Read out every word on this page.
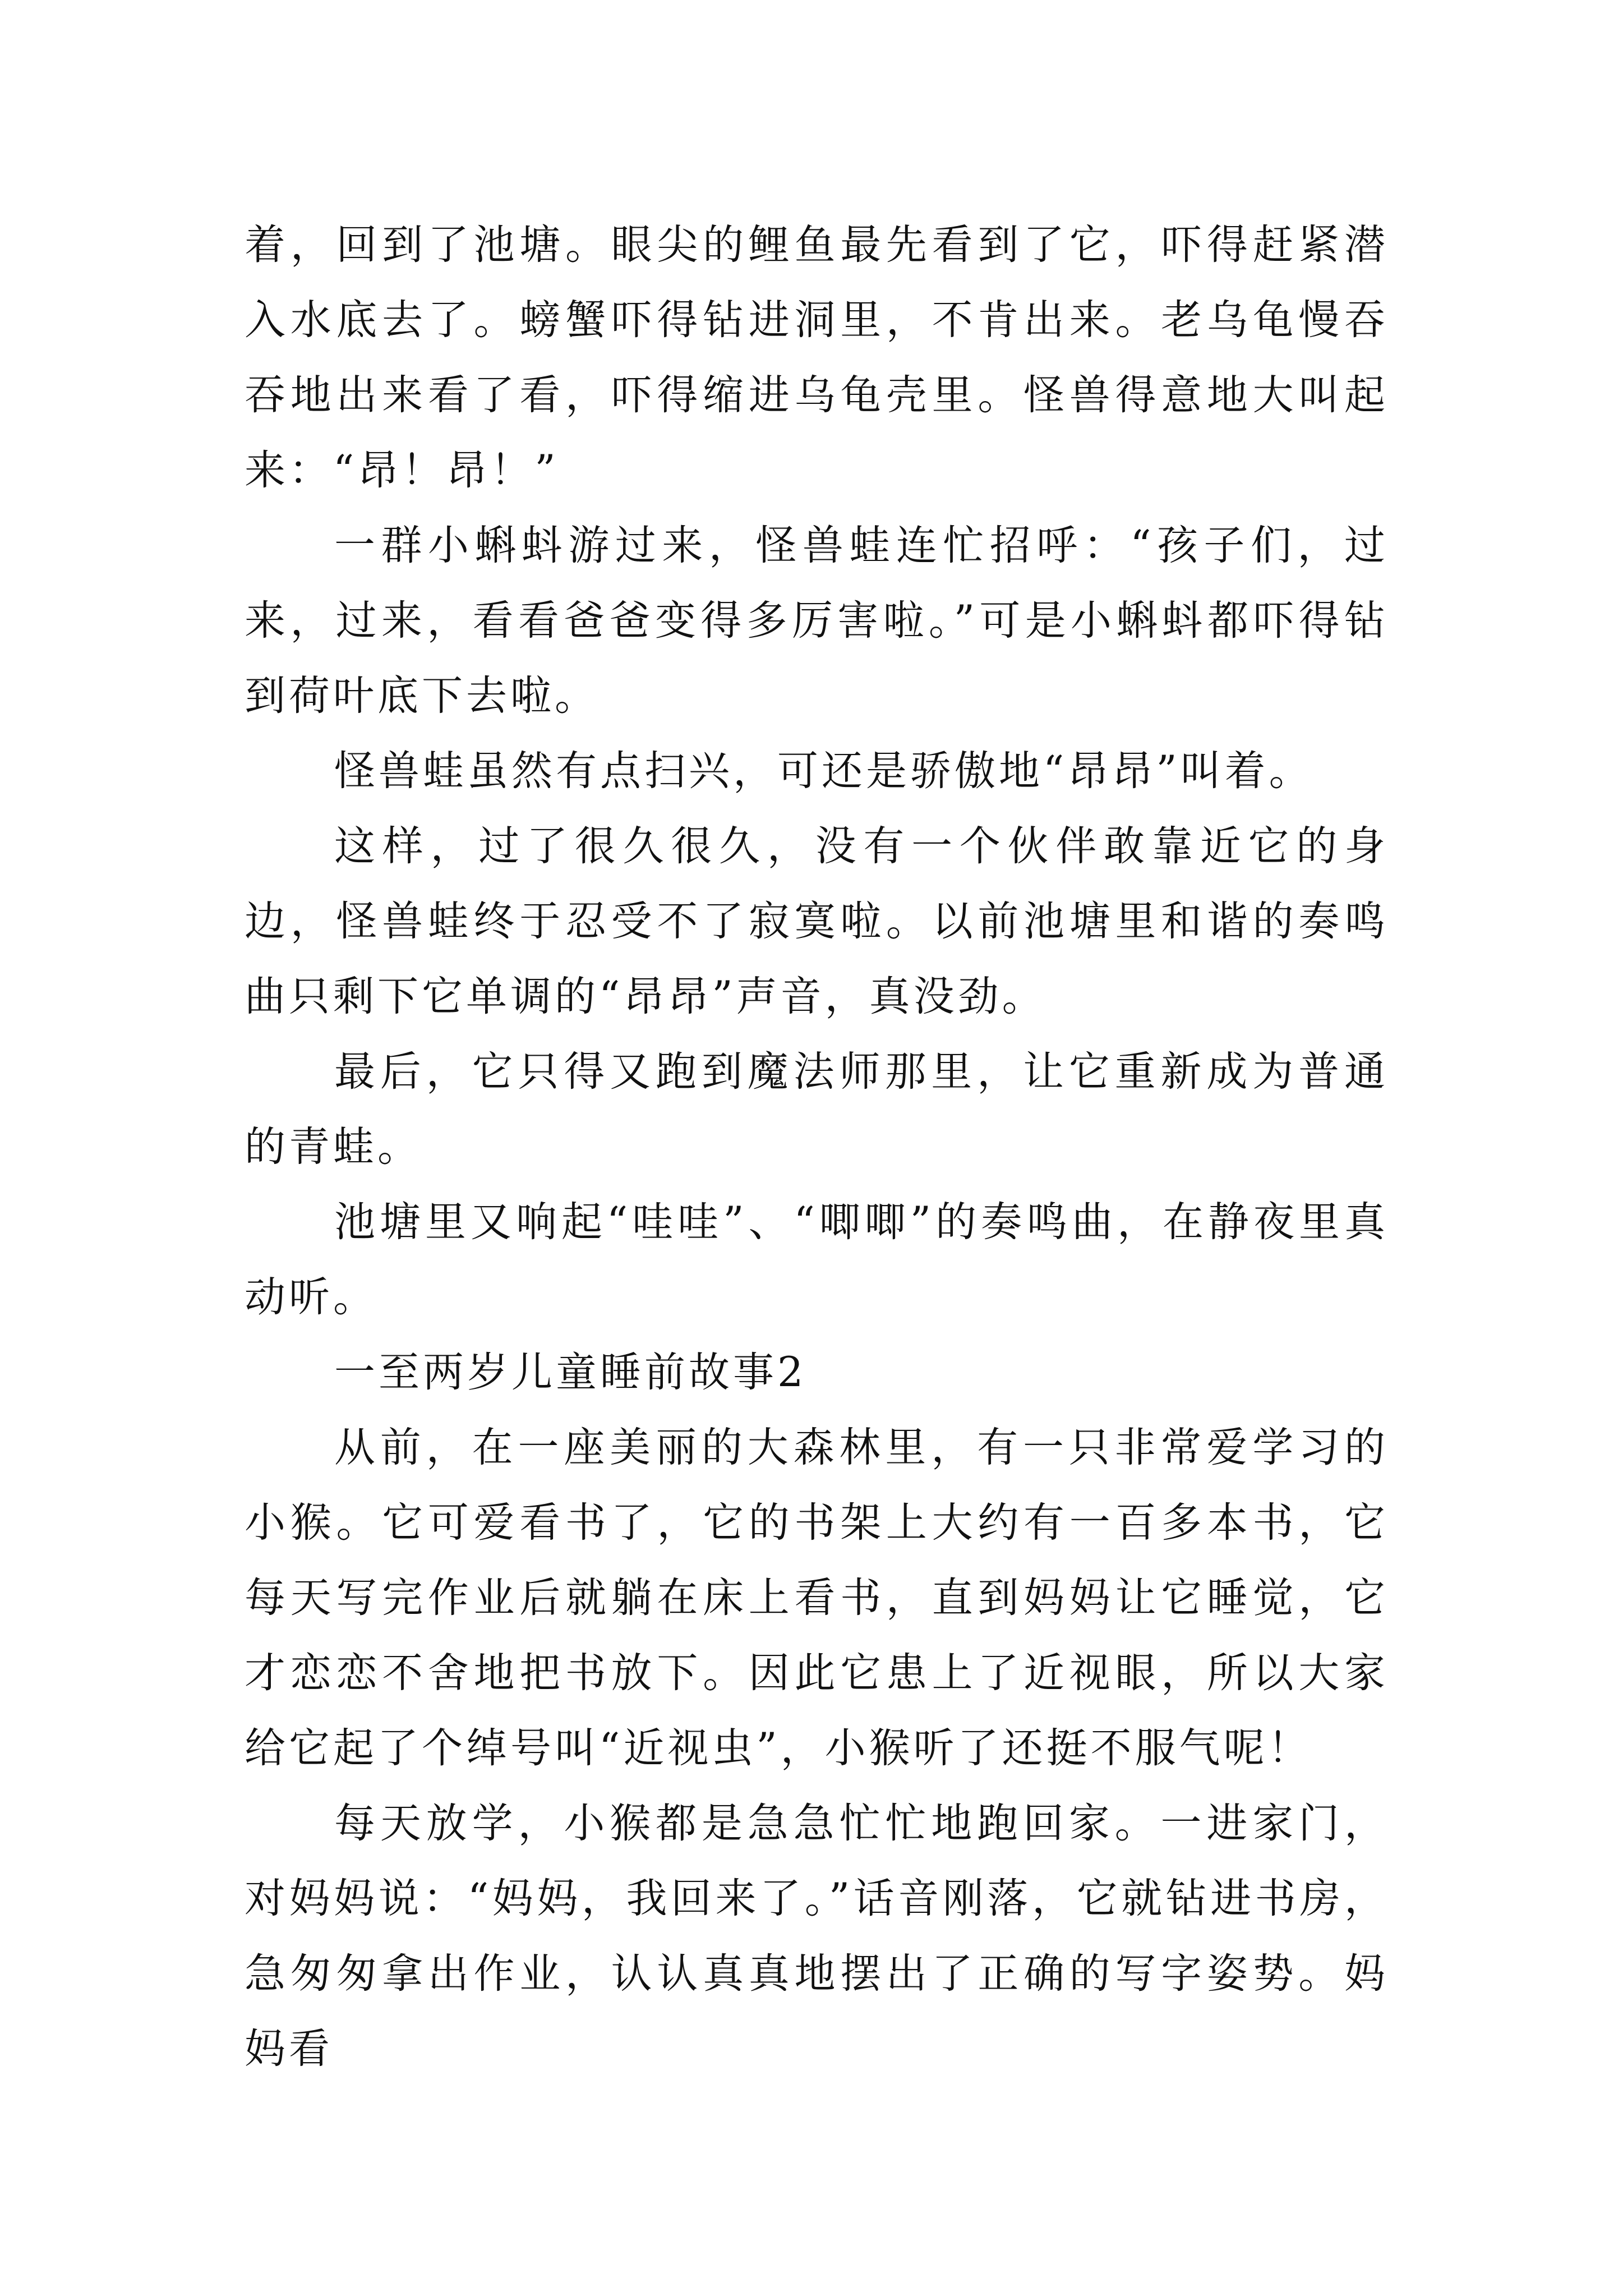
着，回到了池塘。眼尖的鲤鱼最先看到了它，吓得赶紧潜入水底去了。螃蟹吓得钻进洞里，不肯出来。老乌龟慢吞吞地出来看了看，吓得缩进乌龟壳里。怪兽得意地大叫起来：“昂！昂！”

一群小蝌蚪游过来，怪兽蛙连忙招呼：“孩子们，过来，过来，看看爸爸变得多厉害啦。”可是小蝌蚪都吓得钻到荷叶底下去啦。

怪兽蛙虽然有点扫兴，可还是骄傲地“昂昂”叫着。

这样，过了很久很久，没有一个伙伴敢靠近它的身边，怪兽蛙终于忍受不了寂寞啦。以前池塘里和谐的奏鸣曲只剩下它单调的“昂昂”声音，真没劲。

最后，它只得又跑到魔法师那里，让它重新成为普通的青蛙。

池塘里又响起“哇哇”、“唧唧”的奏鸣曲，在静夜里真动听。

一至两岁儿童睡前故事2

从前，在一座美丽的大森林里，有一只非常爱学习的小猴。它可爱看书了，它的书架上大约有一百多本书，它每天写完作业后就躺在床上看书，直到妈妈让它睡觉，它才恋恋不舍地把书放下。因此它患上了近视眼，所以大家给它起了个绰号叫“近视虫”，小猴听了还挺不服气呢！

每天放学，小猴都是急急忙忙地跑回家。一进家门，对妈妈说：“妈妈，我回来了。”话音刚落，它就钻进书房，急匆匆拿出作业，认认真真地摆出了正确的写字姿势。妈妈看
